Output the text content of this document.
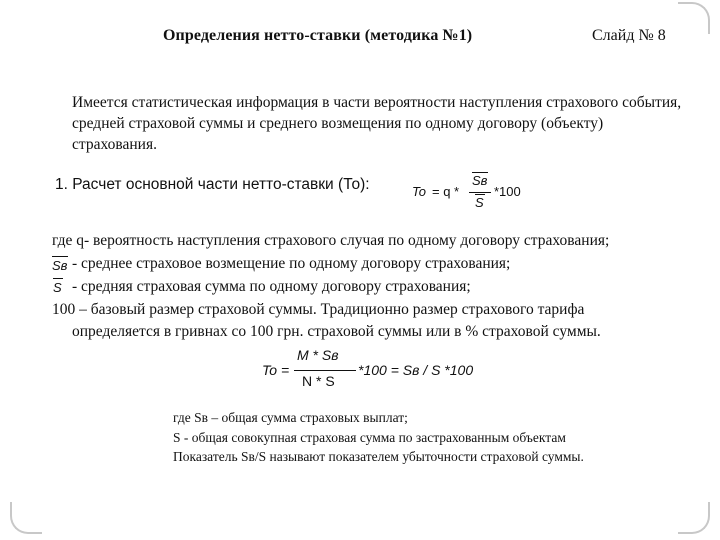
Определения нетто-ставки (методика №1)	Слайд № 8

Имеется статистическая информация в части вероятности наступления страхового события, средней страховой суммы и среднего возмещения по одному договору (объекту) страхования.

1. Расчет основной части нетто-ставки (То):	To = q *
Sв
S
*100
где q- вероятность наступления страхового случая по одному договору страхования;
Sв - среднее страховое возмещение по одному договору страхования;
S - средняя страховая сумма по одному договору страхования;
100 – базовый размер страховой суммы. Традиционно размер страхового тарифа
определяется в гривнах со 100 грн. страховой суммы или в % страховой суммы.
To =
M * Sв
N * S
*100 = Sв / S *100
где Sв – общая сумма страховых выплат;
S - общая совокупная страховая сумма по застрахованным объектам
Показатель Sв/S называют показателем убыточности страховой суммы.
